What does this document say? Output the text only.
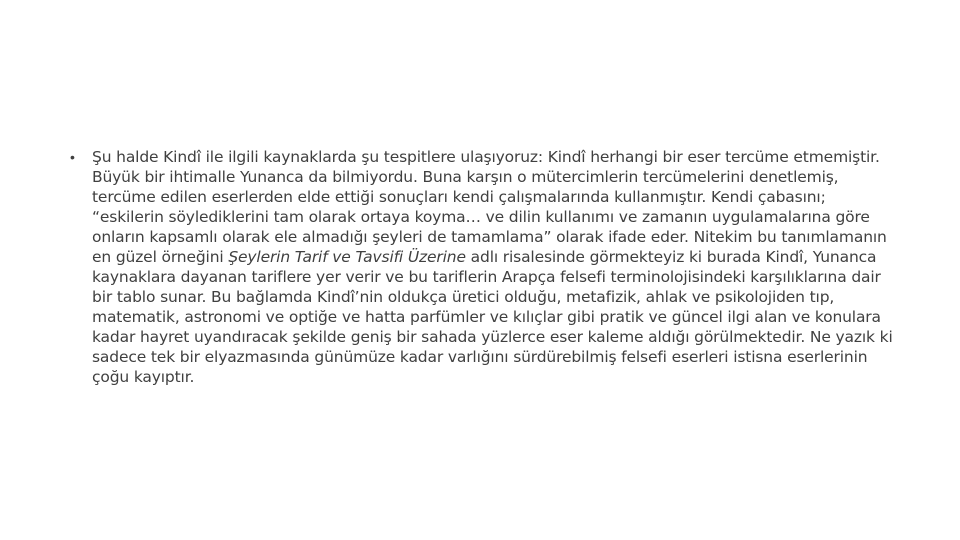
•	Şu halde Kindî ile ilgili kaynaklarda şu tespitlere ulaşıyoruz: Kindî herhangi bir eser tercüme etmemiştir. Büyük bir ihtimalle Yunanca da bilmiyordu. Buna karşın o mütercimlerin tercümelerini denetlemiş, tercüme edilen eserlerden elde ettiği sonuçları kendi çalışmalarında kullanmıştır. Kendi çabasını; “eskilerin söylediklerini tam olarak ortaya koyma… ve dilin kullanımı ve zamanın uygulamalarına göre onların kapsamlı olarak ele almadığı şeyleri de tamamlama” olarak ifade eder. Nitekim bu tanımlamanın en güzel örneğini Şeylerin Tarif ve Tavsifi Üzerine adlı risalesinde görmekteyiz ki burada Kindî, Yunanca kaynaklara dayanan tariflere yer verir ve bu tariflerin Arapça felsefi terminolojisindeki karşılıklarına dair bir tablo sunar. Bu bağlamda Kindî’nin oldukça üretici olduğu, metafizik, ahlak ve psikolojiden tıp, matematik, astronomi ve optiğe ve hatta parfümler ve kılıçlar gibi pratik ve güncel ilgi alan ve konulara kadar hayret uyandıracak şekilde geniş bir sahada yüzlerce eser kaleme aldığı görülmektedir. Ne yazık ki sadece tek bir elyazmasında günümüze kadar varlığını sürdürebilmiş felsefi eserleri istisna eserlerinin çoğu kayıptır.
